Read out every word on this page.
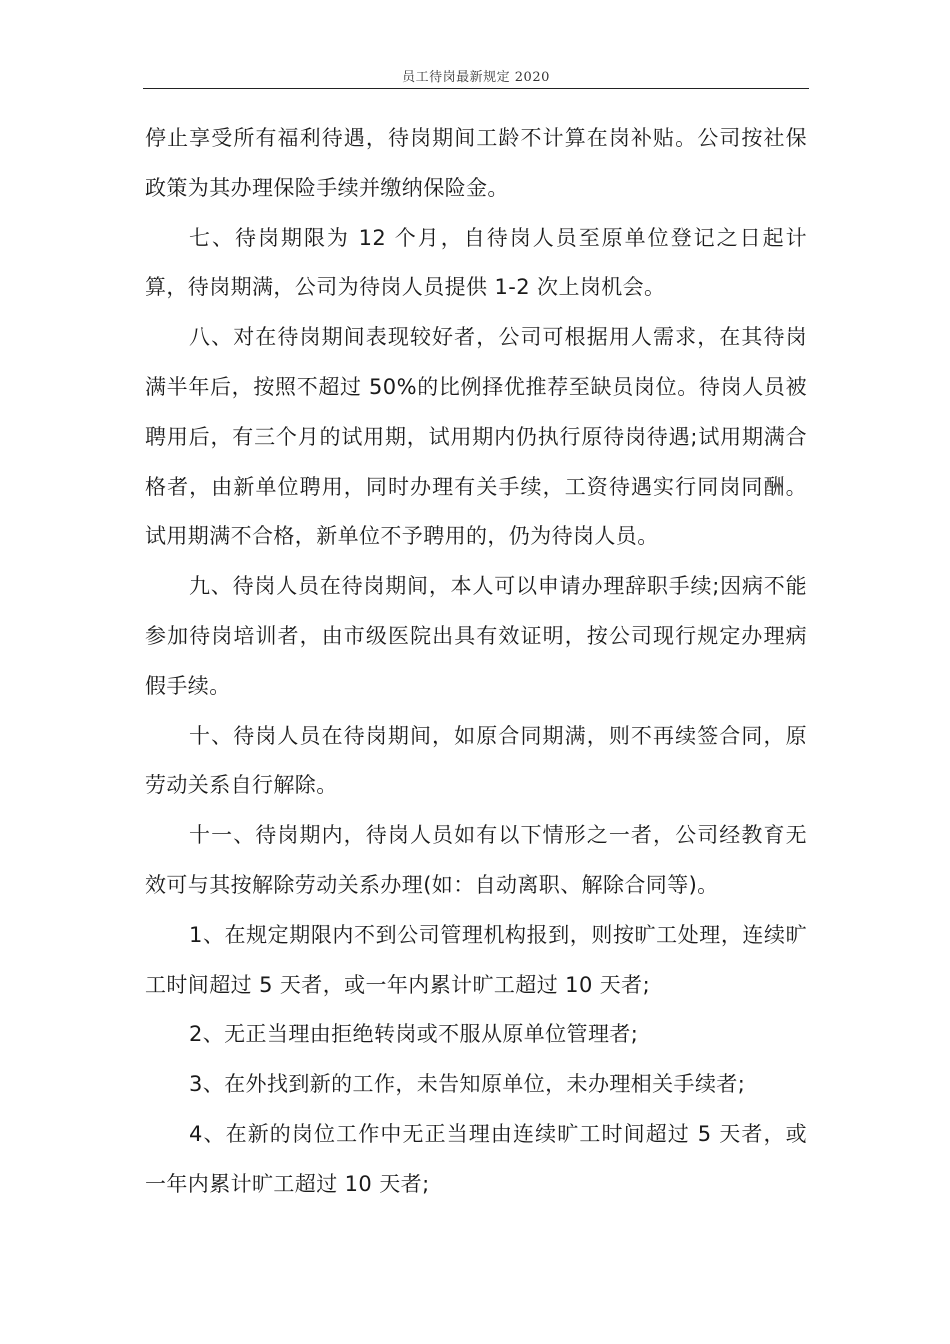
员工待岗最新规定 2020

停止享受所有福利待遇，待岗期间工龄不计算在岗补贴。公司按社保政策为其办理保险手续并缴纳保险金。

七、待岗期限为 12 个月，自待岗人员至原单位登记之日起计算，待岗期满，公司为待岗人员提供 1-2 次上岗机会。

八、对在待岗期间表现较好者，公司可根据用人需求，在其待岗满半年后，按照不超过 50%的比例择优推荐至缺员岗位。待岗人员被聘用后，有三个月的试用期，试用期内仍执行原待岗待遇;试用期满合格者，由新单位聘用，同时办理有关手续，工资待遇实行同岗同酬。试用期满不合格，新单位不予聘用的，仍为待岗人员。

九、待岗人员在待岗期间，本人可以申请办理辞职手续;因病不能参加待岗培训者，由市级医院出具有效证明，按公司现行规定办理病假手续。

十、待岗人员在待岗期间，如原合同期满，则不再续签合同，原劳动关系自行解除。

十一、待岗期内，待岗人员如有以下情形之一者，公司经教育无效可与其按解除劳动关系办理(如：自动离职、解除合同等)。

1、在规定期限内不到公司管理机构报到，则按旷工处理，连续旷工时间超过 5 天者，或一年内累计旷工超过 10 天者;

2、无正当理由拒绝转岗或不服从原单位管理者;

3、在外找到新的工作，未告知原单位，未办理相关手续者;

4、在新的岗位工作中无正当理由连续旷工时间超过 5 天者，或一年内累计旷工超过 10 天者;
